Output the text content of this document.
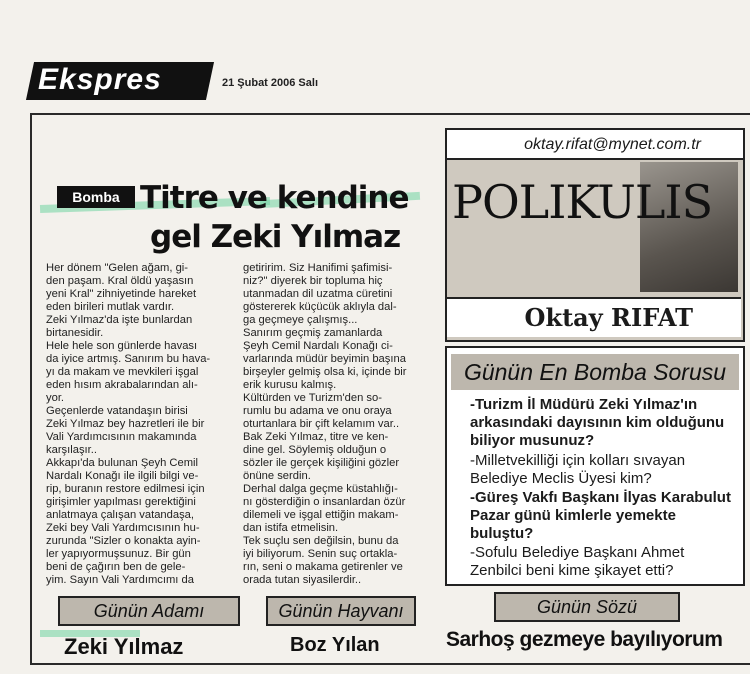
Ekspres	21 Şubat 2006 Salı
Bomba Titre ve kendine
gel Zeki Yılmaz

Her dönem "Gelen ağam, gi-

den paşam. Kral öldü yaşasın

yeni Kral" zihniyetinde hareket

eden birileri mutlak vardır.

Zeki Yılmaz'da işte bunlardan

birtanesidir.

Hele hele son günlerde havası

da iyice artmış. Sanırım bu hava-

yı da makam ve mevkileri işgal

eden hısım akrabalarından alı-

yor.

Geçenlerde vatandaşın birisi

Zeki Yılmaz bey hazretleri ile bir

Vali Yardımcısının makamında

karşılaşır..

Akkapı'da bulunan Şeyh Cemil

Nardalı Konağı ile ilgili bilgi ve-

rip, buranın restore edilmesi için

girişimler yapılması gerektiğini

anlatmaya çalışan vatandaşa,

Zeki bey Vali Yardımcısının hu-

zurunda "Sizler o konakta ayin-

ler yapıyormuşsunuz. Bir gün

beni de çağırın ben de gele-

yim. Sayın Vali Yardımcımı da

getiririm. Siz Hanifimi şafimisi-

niz?" diyerek bir topluma hiç

utanmadan dil uzatma cüretini

göstererek küçücük aklıyla dal-

ga geçmeye çalışmış...

Sanırım geçmiş zamanlarda

Şeyh Cemil Nardalı Konağı ci-

varlarında müdür beyimin başına

birşeyler gelmiş olsa ki, içinde bir

erik kurusu kalmış.

Kültürden ve Turizm'den so-

rumlu bu adama ve onu oraya

oturtanlara bir çift kelamım var..

Bak Zeki Yılmaz, titre ve ken-

dine gel. Söylemiş olduğun o

sözler ile gerçek kişiliğini gözler

önüne serdin.

Derhal dalga geçme küstahlığı-

nı gösterdiğin o insanlardan özür

dilemeli ve işgal ettiğin makam-

dan istifa etmelisin.

Tek suçlu sen değilsin, bunu da

iyi biliyorum. Senin suç ortakla-

rın, seni o makama getirenler ve

orada tutan siyasilerdir..

oktay.rifat@mynet.com.tr
POLIKULIS
Oktay RIFAT
Günün En Bomba Sorusu
-Turizm İl Müdürü Zeki Yılmaz'ın arkasındaki dayısının kim olduğunu biliyor musunuz?
-Milletvekilliği için kolları sıvayan Belediye Meclis Üyesi kim?
-Güreş Vakfı Başkanı İlyas Karabulut Pazar günü kimlerle yemekte buluştu?
-Sofulu Belediye Başkanı Ahmet Zenbilci beni kime şikayet etti?
Günün Adamı
Zeki Yılmaz
Günün Hayvanı
Boz Yılan
Günün Sözü
Sarhoş gezmeye bayılıyorum
